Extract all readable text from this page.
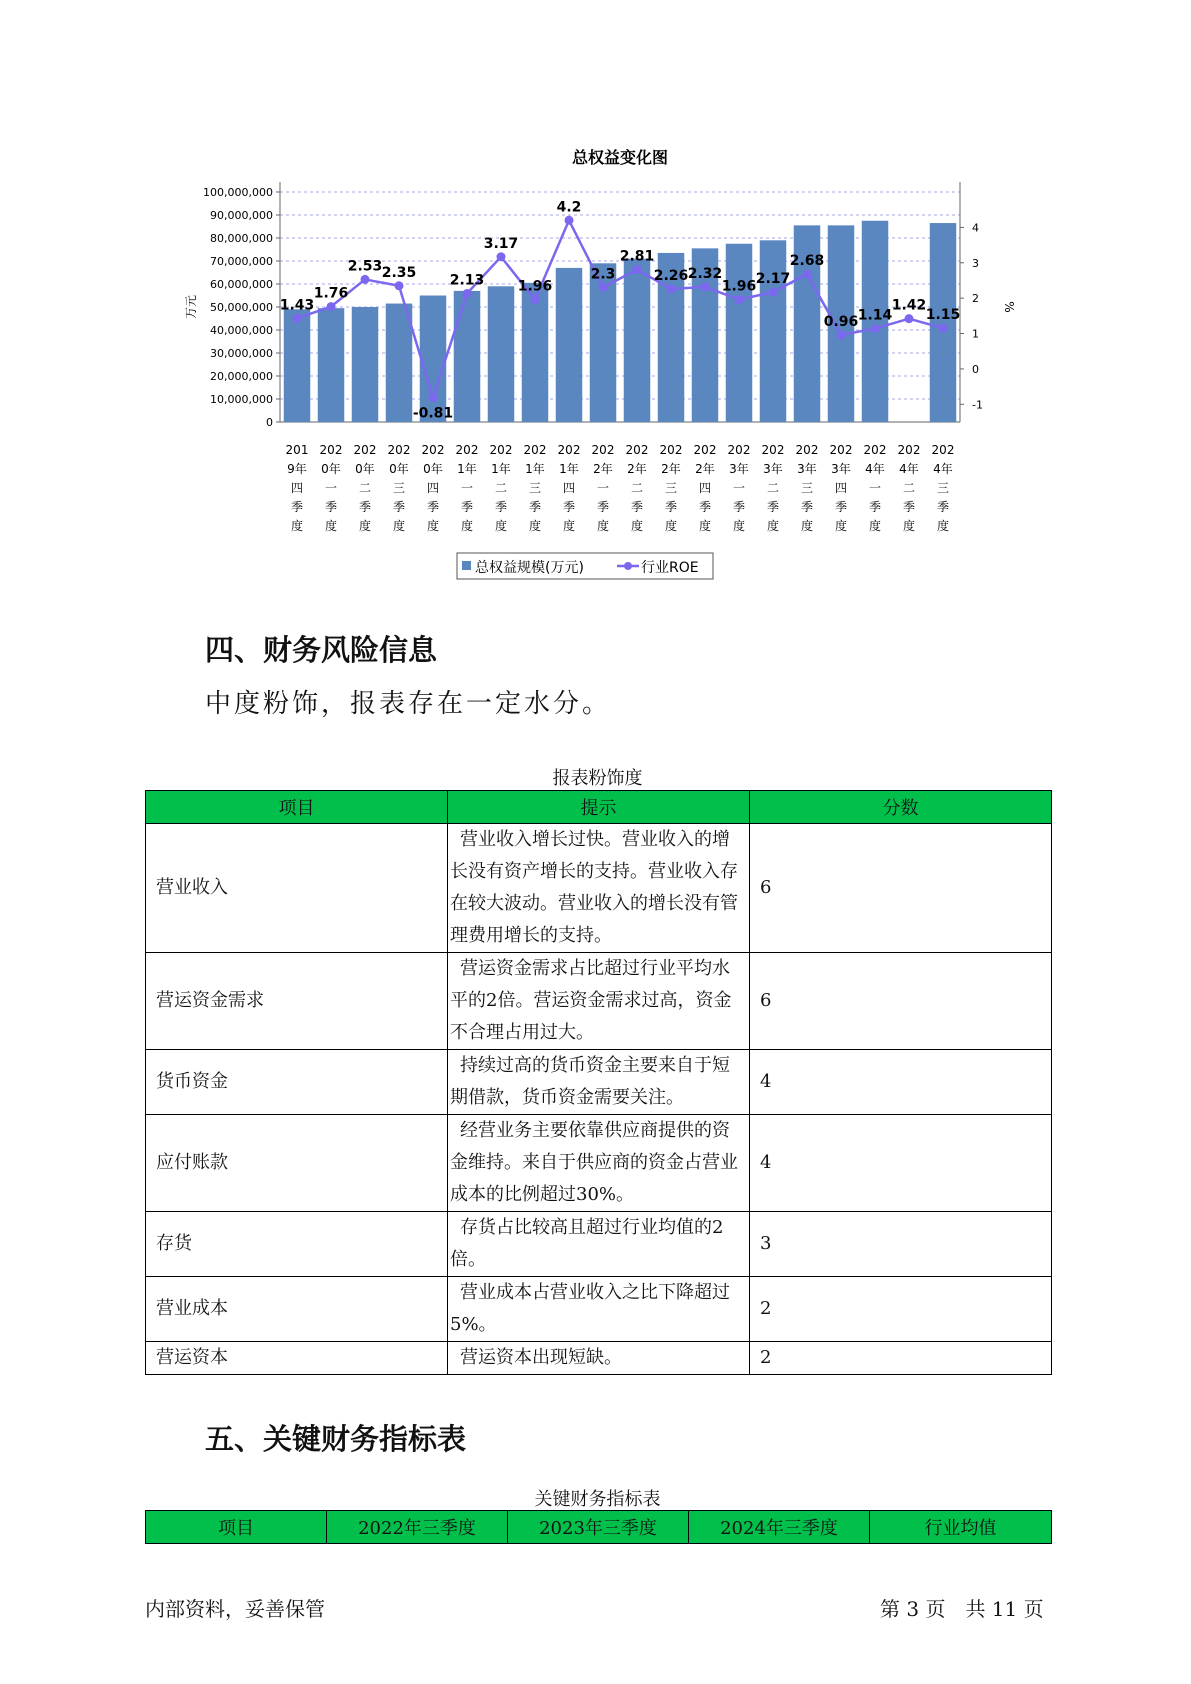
总权益变化图
100,000,000
90,000,000
80,000,000
70,000,000
60,000,000
50,000,000
40,000,000
30,000,000
20,000,000
10,000,000
0
4
3
2
1
0
-1
万元	%
1.43
1.76
2.53 2.35
-0.81
2.13
3.17
1.96
4.2
2.3
2.81
2.26 2.32
1.96 2.17
2.68
0.96 1.14
1.42
1.15
201
9年
四
季
度
202
0年
一
季
度
202
0年
二
季
度
202
0年
三
季
度
202
0年
四
季
度
202
1年
一
季
度
202
1年
二
季
度
202
1年
三
季
度
202
1年
四
季
度
202
2年
一
季
度
202
2年
二
季
度
202
2年
三
季
度
202
2年
四
季
度
202
3年
一
季
度
202
3年
二
季
度
202
3年
三
季
度
202
3年
四
季
度
202
4年
一
季
度
202
4年
二
季
度
202
4年
三
季
度
总权益规模(万元)	行业ROE
四、财务风险信息
中度粉饰，报表存在一定水分。
报表粉饰度
项目	提示	分数
营业收入	营业收入增长过快。营业收入的增长没有资产增长的支持。营业收入存在较大波动。营业收入的增长没有管理费用增长的支持。	6
营运资金需求	营运资金需求占比超过行业平均水平的2倍。营运资金需求过高，资金不合理占用过大。	6
货币资金	持续过高的货币资金主要来自于短期借款，货币资金需要关注。	4
应付账款	经营业务主要依靠供应商提供的资金维持。来自于供应商的资金占营业成本的比例超过30%。	4
存货	存货占比较高且超过行业均值的2倍。	3
营业成本	营业成本占营业收入之比下降超过5%。	2
营运资本	营运资本出现短缺。	2
五、关键财务指标表
关键财务指标表
项目	2022年三季度	2023年三季度	2024年三季度	行业均值
内部资料，妥善保管	第 3 页　共 11 页
